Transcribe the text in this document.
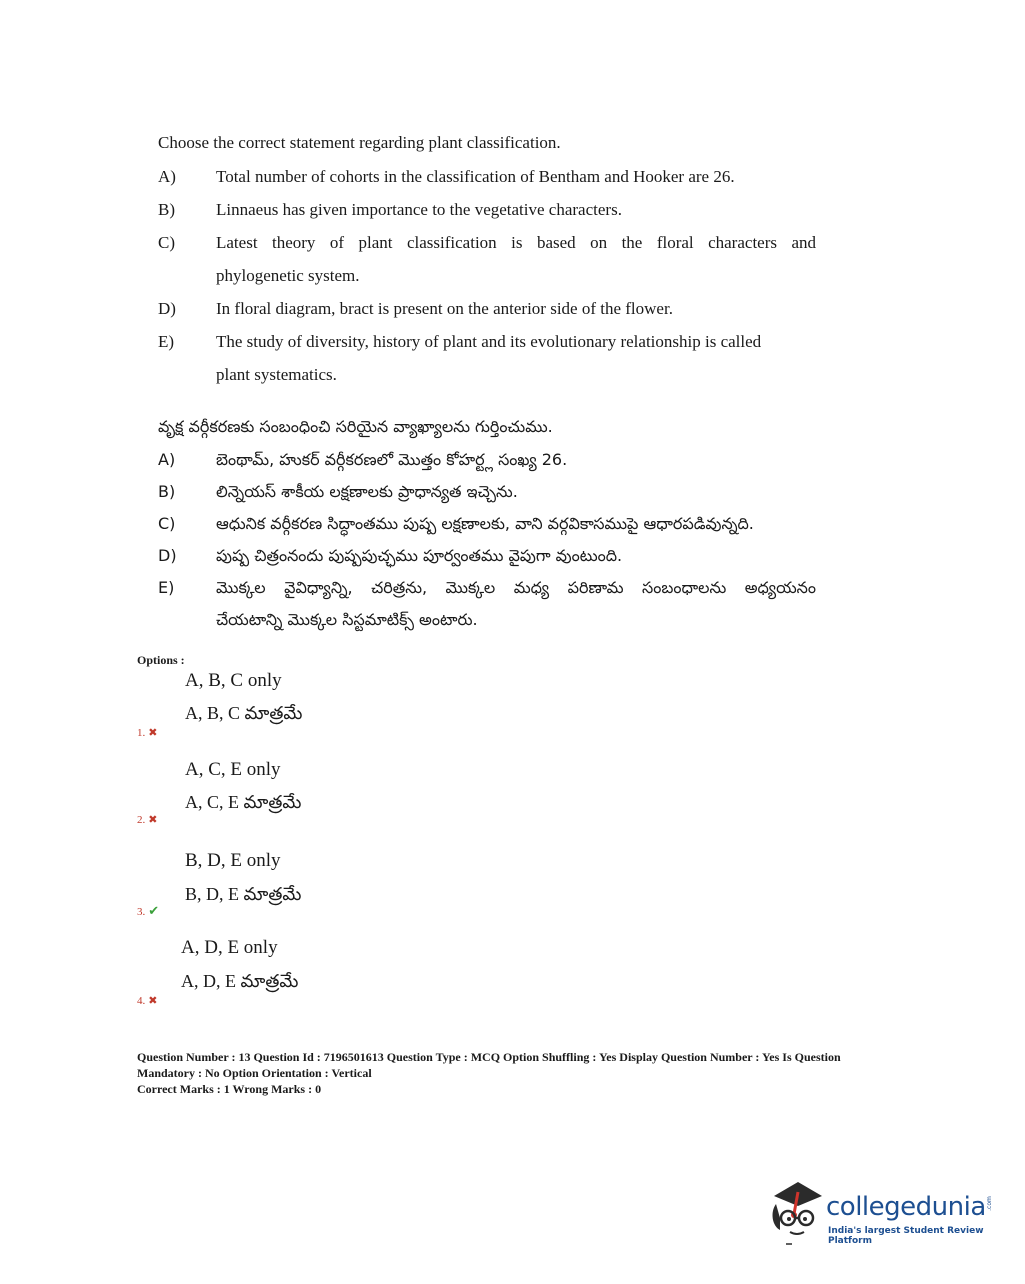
Choose the correct statement regarding plant classification.
A)	Total number of cohorts in the classification of Bentham and Hooker are 26.
B)	Linnaeus has given importance to the vegetative characters.
C)	Latest theory of plant classification is based on the floral characters and
phylogenetic system.
D)	In floral diagram, bract is present on the anterior side of the flower.
E)	The study of diversity, history of plant and its evolutionary relationship is called
plant systematics.
వృక్ష వర్గీకరణకు సంబంధించి సరియైన వ్యాఖ్యాలను గుర్తించుము.
A)	బెంథామ్, హుకర్ వర్గీకరణలో మొత్తం కోహర్ట్ల సంఖ్య 26.
B)	లిన్నెయస్ శాకీయ లక్షణాలకు ప్రాధాన్యత ఇచ్చెను.
C)	ఆధునిక వర్గీకరణ సిద్ధాంతము పుష్ప లక్షణాలకు, వాని వర్గవికాసముపై ఆధారపడివున్నది.
D)	పుష్ప చిత్రంనందు పుష్పపుచ్ఛము పూర్వంతము వైపుగా వుంటుంది.
E)	మొక్కల వైవిధ్యాన్ని, చరిత్రను, మొక్కల మధ్య పరిణామ సంబంధాలను అధ్యయనం
చేయటాన్ని మొక్కల సిస్టమాటిక్స్ అంటారు.
Options :
A, B, C only
A, B, C మాత్రమే
1. ✖
A, C, E only
A, C, E మాత్రమే
2. ✖
B, D, E only
B, D, E మాత్రమే
3. ✔
A, D, E only
A, D, E మాత్రమే
4. ✖
Question Number : 13 Question Id : 7196501613 Question Type : MCQ Option Shuffling : Yes Display Question Number : Yes Is Question
Mandatory : No Option Orientation : Vertical
Correct Marks : 1 Wrong Marks : 0
collegedunia
India's largest Student Review Platform
.com
